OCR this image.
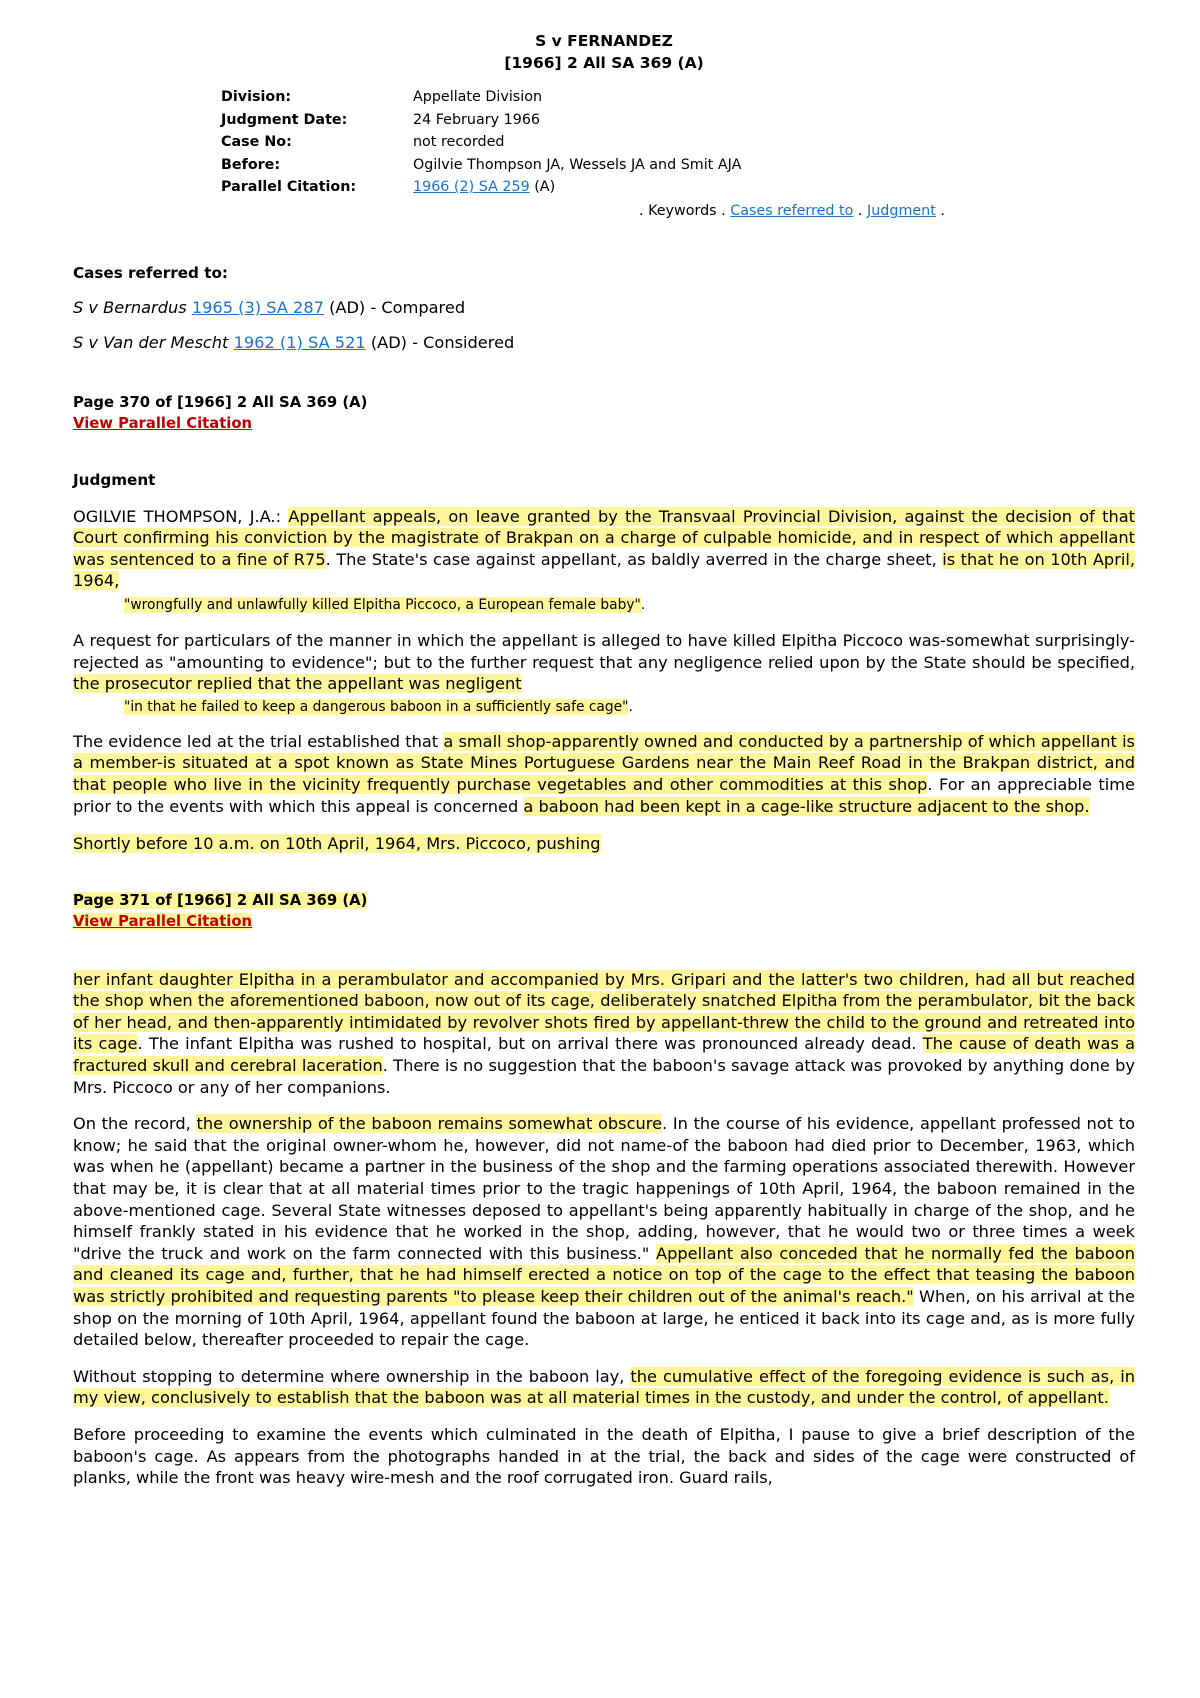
S v FERNANDEZ
[1966] 2 All SA 369 (A)
Division:	Appellate Division
Judgment Date:	24 February 1966
Case No:	not recorded
Before:	Ogilvie Thompson JA, Wessels JA and Smit AJA
Parallel Citation:	1966 (2) SA 259 (A)
. Keywords . Cases referred to . Judgment .
Cases referred to:
S v Bernardus 1965 (3) SA 287 (AD) - Compared
S v Van der Mescht 1962 (1) SA 521 (AD) - Considered
Page 370 of [1966] 2 All SA 369 (A)
View Parallel Citation
Judgment

OGILVIE THOMPSON, J.A.: Appellant appeals, on leave granted by the Transvaal Provincial Division, against the decision of that Court confirming his conviction by the magistrate of Brakpan on a charge of culpable homicide, and in respect of which appellant was sentenced to a fine of R75. The State's case against appellant, as baldly averred in the charge sheet, is that he on 10th April, 1964,

"wrongfully and unlawfully killed Elpitha Piccoco, a European female baby".

A request for particulars of the manner in which the appellant is alleged to have killed Elpitha Piccoco was-somewhat surprisingly-rejected as "amounting to evidence"; but to the further request that any negligence relied upon by the State should be specified, the prosecutor replied that the appellant was negligent

"in that he failed to keep a dangerous baboon in a sufficiently safe cage".

The evidence led at the trial established that a small shop-apparently owned and conducted by a partnership of which appellant is a member-is situated at a spot known as State Mines Portuguese Gardens near the Main Reef Road in the Brakpan district, and that people who live in the vicinity frequently purchase vegetables and other commodities at this shop. For an appreciable time prior to the events with which this appeal is concerned a baboon had been kept in a cage-like structure adjacent to the shop.

Shortly before 10 a.m. on 10th April, 1964, Mrs. Piccoco, pushing

Page 371 of [1966] 2 All SA 369 (A)
View Parallel Citation

her infant daughter Elpitha in a perambulator and accompanied by Mrs. Gripari and the latter's two children, had all but reached the shop when the aforementioned baboon, now out of its cage, deliberately snatched Elpitha from the perambulator, bit the back of her head, and then-apparently intimidated by revolver shots fired by appellant-threw the child to the ground and retreated into its cage. The infant Elpitha was rushed to hospital, but on arrival there was pronounced already dead. The cause of death was a fractured skull and cerebral laceration. There is no suggestion that the baboon's savage attack was provoked by anything done by Mrs. Piccoco or any of her companions.

On the record, the ownership of the baboon remains somewhat obscure. In the course of his evidence, appellant professed not to know; he said that the original owner-whom he, however, did not name-of the baboon had died prior to December, 1963, which was when he (appellant) became a partner in the business of the shop and the farming operations associated therewith. However that may be, it is clear that at all material times prior to the tragic happenings of 10th April, 1964, the baboon remained in the above-mentioned cage. Several State witnesses deposed to appellant's being apparently habitually in charge of the shop, and he himself frankly stated in his evidence that he worked in the shop, adding, however, that he would two or three times a week "drive the truck and work on the farm connected with this business." Appellant also conceded that he normally fed the baboon and cleaned its cage and, further, that he had himself erected a notice on top of the cage to the effect that teasing the baboon was strictly prohibited and requesting parents "to please keep their children out of the animal's reach." When, on his arrival at the shop on the morning of 10th April, 1964, appellant found the baboon at large, he enticed it back into its cage and, as is more fully detailed below, thereafter proceeded to repair the cage.

Without stopping to determine where ownership in the baboon lay, the cumulative effect of the foregoing evidence is such as, in my view, conclusively to establish that the baboon was at all material times in the custody, and under the control, of appellant.

Before proceeding to examine the events which culminated in the death of Elpitha, I pause to give a brief description of the baboon's cage. As appears from the photographs handed in at the trial, the back and sides of the cage were constructed of planks, while the front was heavy wire-mesh and the roof corrugated iron. Guard rails,
